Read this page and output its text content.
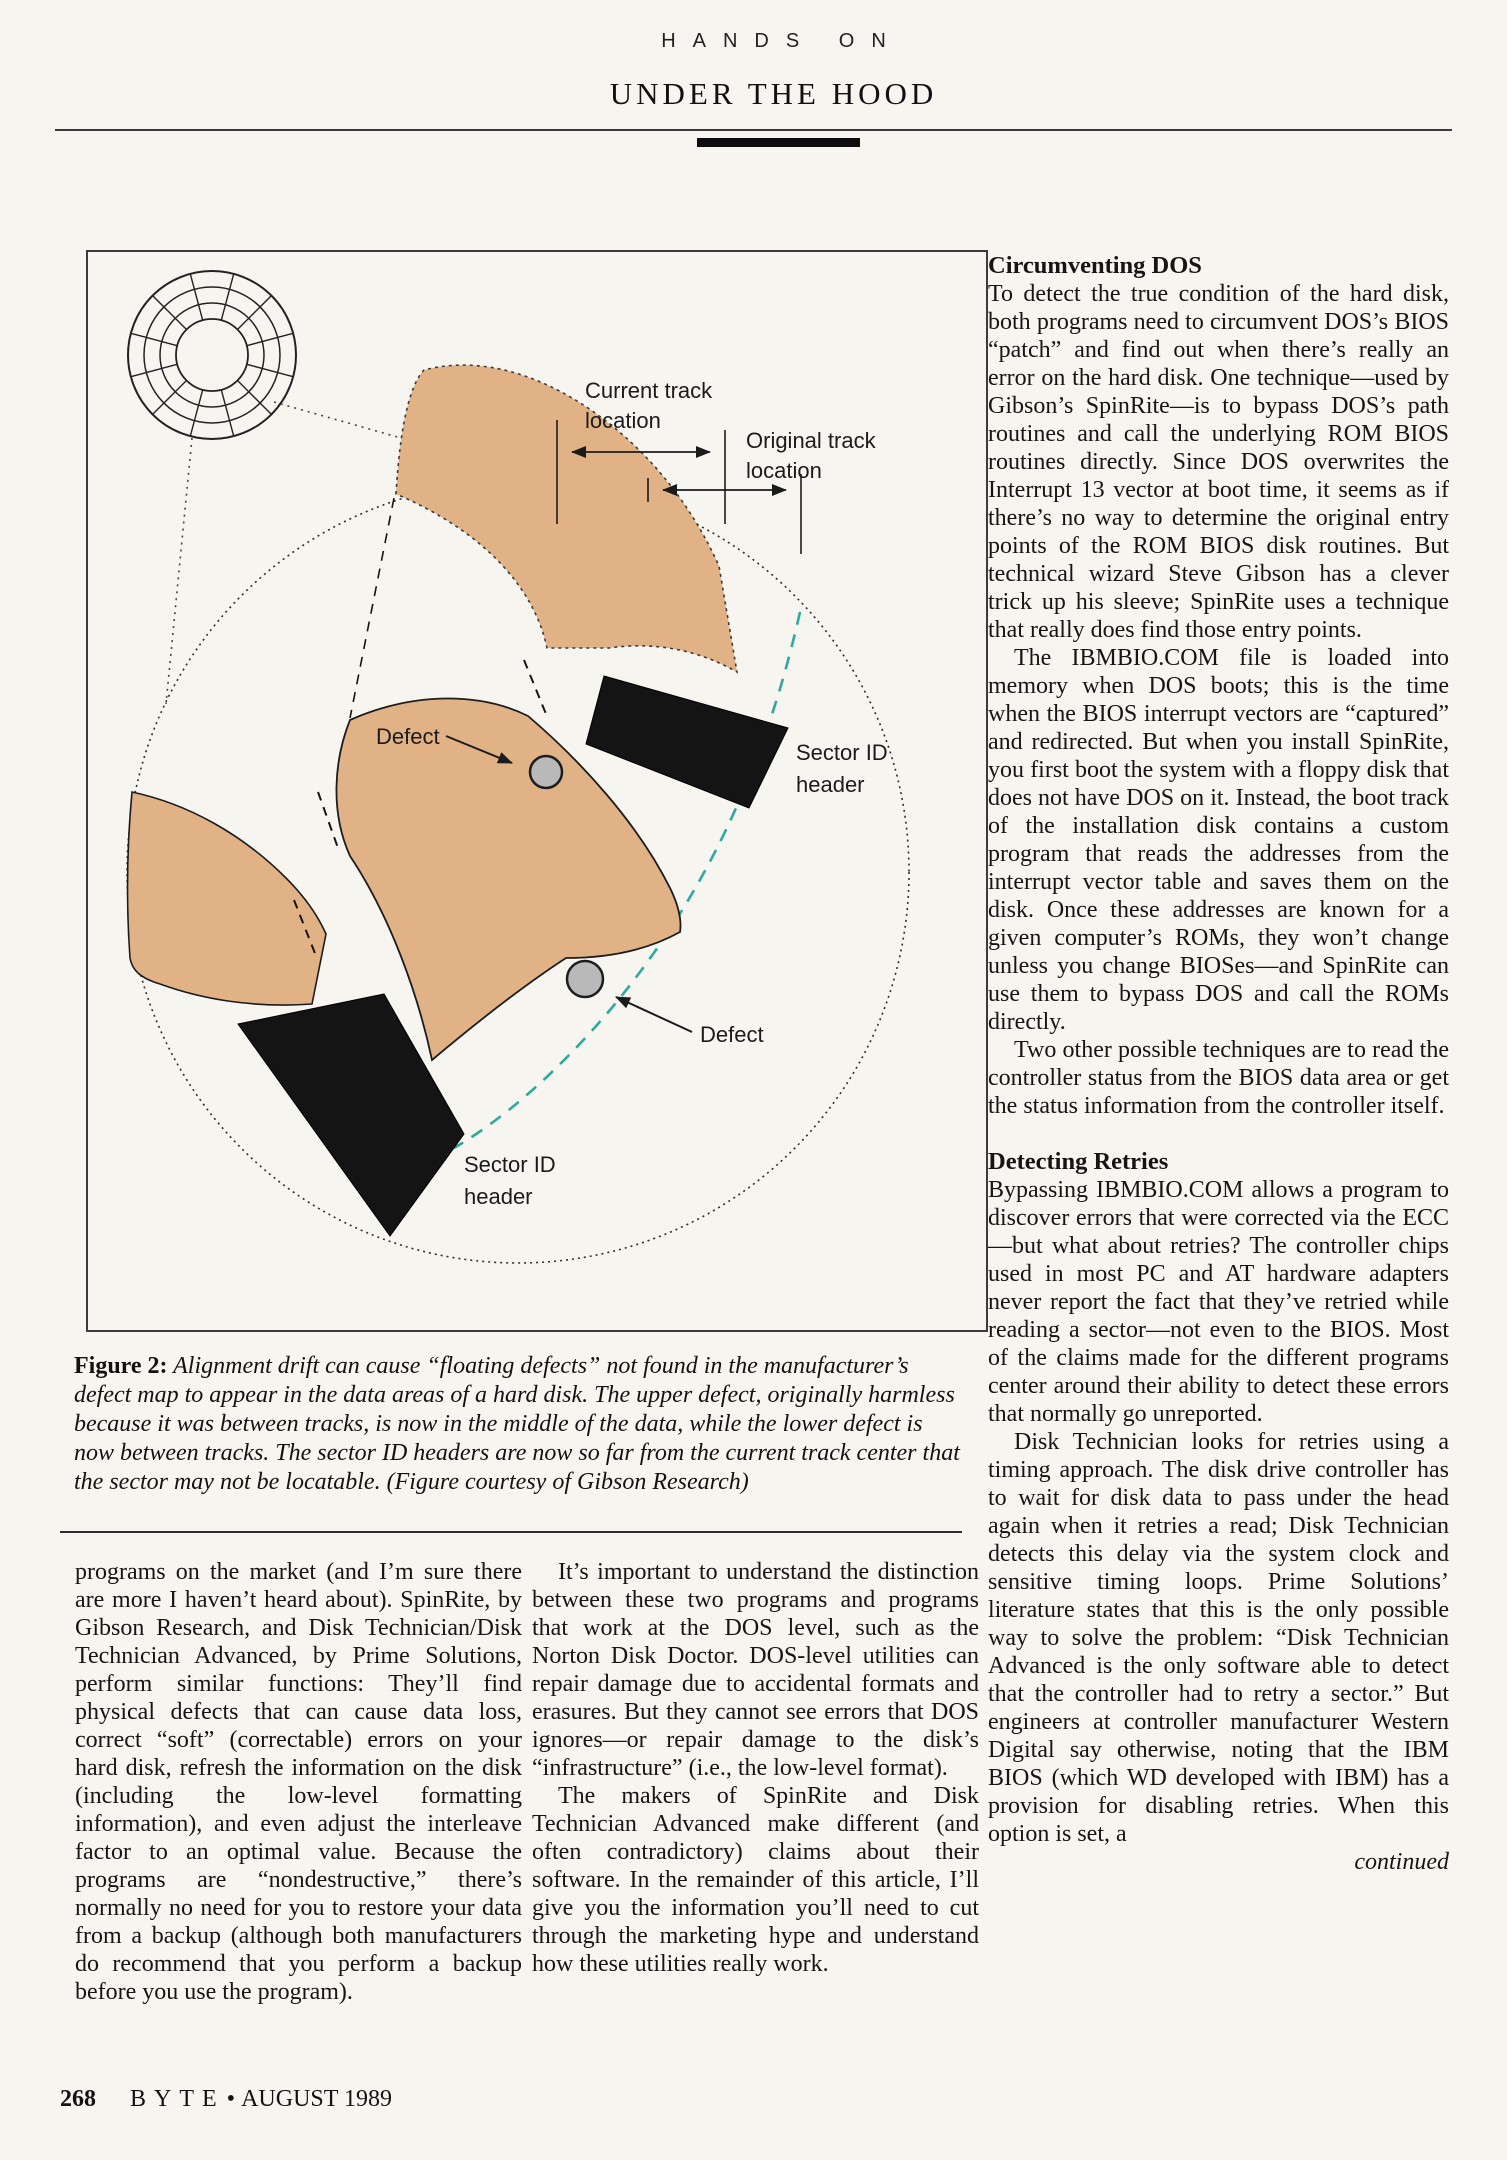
HANDS ON
UNDER THE HOOD
Current track
location
Original track
location
Defect
Sector ID
header
Defect
Sector ID
header

Figure 2: Alignment drift can cause “floating defects” not found in the manufacturer’s defect map to appear in the data areas of a hard disk. The upper defect, originally harmless because it was between tracks, is now in the middle of the data, while the lower defect is now between tracks. The sector ID headers are now so far from the current track center that the sector may not be locatable. (Figure courtesy of Gibson Research)

programs on the market (and I’m sure there are more I haven’t heard about). SpinRite, by Gibson Research, and Disk Technician/Disk Technician Advanced, by Prime Solutions, perform similar functions: They’ll find physical defects that can cause data loss, correct “soft” (correctable) errors on your hard disk, refresh the information on the disk (including the low-level formatting information), and even adjust the interleave factor to an optimal value. Because the programs are “nondestructive,” there’s normally no need for you to restore your data from a backup (although both manufacturers do recommend that you perform a backup before you use the program).

It’s important to understand the distinction between these two programs and programs that work at the DOS level, such as the Norton Disk Doctor. DOS-level utilities can repair damage due to accidental formats and erasures. But they cannot see errors that DOS ignores—or repair damage to the disk’s “infrastructure” (i.e., the low-level format).

The makers of SpinRite and Disk Technician Advanced make different (and often contradictory) claims about their software. In the remainder of this article, I’ll give you the information you’ll need to cut through the marketing hype and understand how these utilities really work.

Circumventing DOS

To detect the true condition of the hard disk, both programs need to circumvent DOS’s BIOS “patch” and find out when there’s really an error on the hard disk. One technique—used by Gibson’s SpinRite—is to bypass DOS’s path routines and call the underlying ROM BIOS routines directly. Since DOS overwrites the Interrupt 13 vector at boot time, it seems as if there’s no way to determine the original entry points of the ROM BIOS disk routines. But technical wizard Steve Gibson has a clever trick up his sleeve; SpinRite uses a technique that really does find those entry points.

The IBMBIO.COM file is loaded into memory when DOS boots; this is the time when the BIOS interrupt vectors are “captured” and redirected. But when you install SpinRite, you first boot the system with a floppy disk that does not have DOS on it. Instead, the boot track of the installation disk contains a custom program that reads the addresses from the interrupt vector table and saves them on the disk. Once these addresses are known for a given computer’s ROMs, they won’t change unless you change BIOSes—and SpinRite can use them to bypass DOS and call the ROMs directly.

Two other possible techniques are to read the controller status from the BIOS data area or get the status information from the controller itself.

Detecting Retries

Bypassing IBMBIO.COM allows a program to discover errors that were corrected via the ECC—but what about retries? The controller chips used in most PC and AT hardware adapters never report the fact that they’ve retried while reading a sector—not even to the BIOS. Most of the claims made for the different programs center around their ability to detect these errors that normally go unreported.

Disk Technician looks for retries using a timing approach. The disk drive controller has to wait for disk data to pass under the head again when it retries a read; Disk Technician detects this delay via the system clock and sensitive timing loops. Prime Solutions’ literature states that this is the only possible way to solve the problem: “Disk Technician Advanced is the only software able to detect that the controller had to retry a sector.” But engineers at controller manufacturer Western Digital say otherwise, noting that the IBM BIOS (which WD developed with IBM) has a provision for disabling retries. When this option is set, a

continued

268 BYTE• AUGUST 1989
